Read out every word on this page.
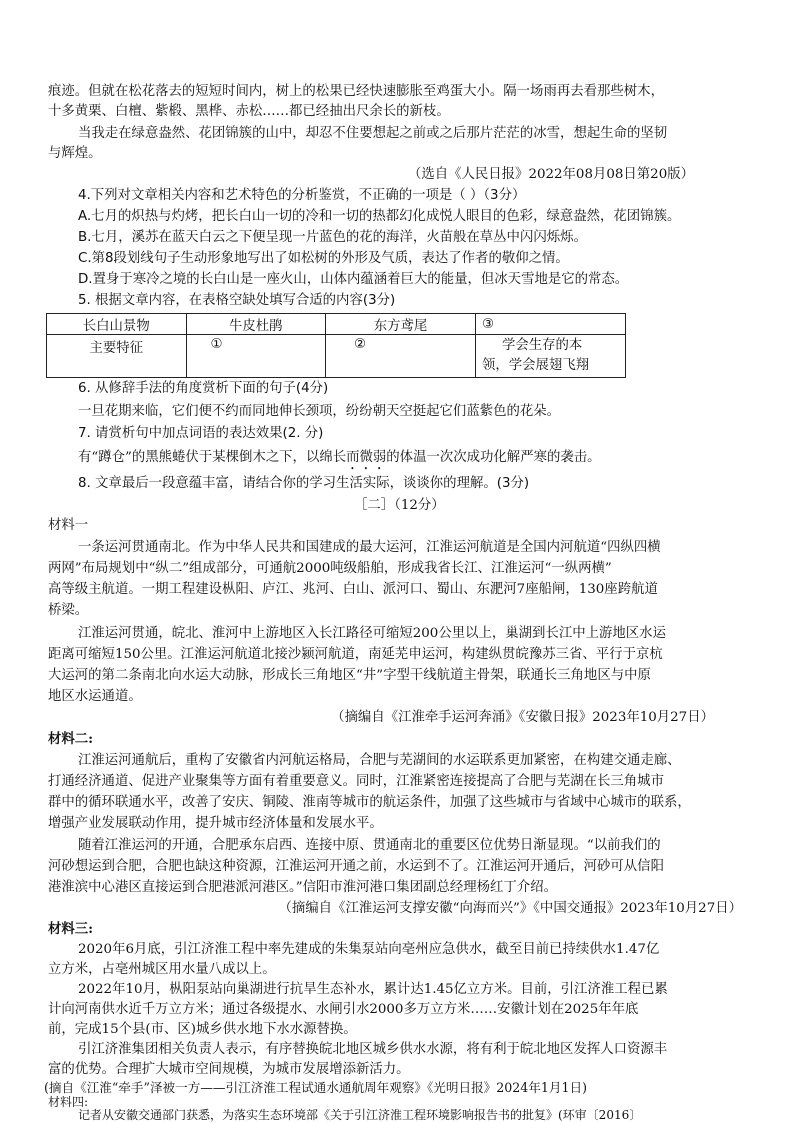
痕迹。但就在松花落去的短短时间内，树上的松果已经快速膨胀至鸡蛋大小。隔一场雨再去看那些树木，
十多黄栗、白檀、紫椴、黑桦、赤松……都已经抽出尺余长的新枝。
当我走在绿意盎然、花团锦簇的山中，却忍不住要想起之前或之后那片茫茫的冰雪，想起生命的坚韧
与辉煌。
（选自《人民日报》2022年08月08日第20版）
4.下列对文章相关内容和艺术特色的分析鉴赏，不正确的一项是（ ）（3分）
A.七月的炽热与灼烤，把长白山一切的冷和一切的热都幻化成悦人眼目的色彩，绿意盎然，花团锦簇。
B.七月，溪苏在蓝天白云之下便呈现一片蓝色的花的海洋，火苗般在草丛中闪闪烁烁。
C.第8段划线句子生动形象地写出了如松树的外形及气质，表达了作者的敬仰之情。
D.置身于寒冷之境的长白山是一座火山，山体内蕴涵着巨大的能量，但冰天雪地是它的常态。
5. 根据文章内容，在表格空缺处填写合适的内容(3分)
长白山景物	牛皮杜鹃	东方鸢尾	③
主要特征	①	②	学会生存的本
领，学会展翅飞翔
6. 从修辞手法的角度赏析下面的句子(4分)
一旦花期来临，它们便不约而同地伸长颈项，纷纷朝天空挺起它们蓝紫色的花朵。
7. 请赏析句中加点词语的表达效果(2. 分)
有“蹲仓”的黑熊蜷伏于某棵倒木之下，以绵长而微弱的体温一次次成功化解严寒的袭击。
8. 文章最后一段意蕴丰富，请结合你的学习生活实际，谈谈你的理解。(3分)
［二］（12分）
材料一
一条运河贯通南北。作为中华人民共和国建成的最大运河，江淮运河航道是全国内河航道“四纵四横
两网”布局规划中“纵二”组成部分，可通航2000吨级船舶，形成我省长江、江淮运河“一纵两横”
高等级主航道。一期工程建设枞阳、庐江、兆河、白山、派河口、蜀山、东淝河7座船闸，130座跨航道
桥梁。
江淮运河贯通，皖北、淮河中上游地区入长江路径可缩短200公里以上，巢湖到长江中上游地区水运
距离可缩短150公里。江淮运河航道北接沙颍河航道，南延芜申运河，构建纵贯皖豫苏三省、平行于京杭
大运河的第二条南北向水运大动脉，形成长三角地区“井”字型干线航道主骨架，联通长三角地区与中原
地区水运通道。
（摘编自《江淮牵手运河奔涌》《安徽日报》2023年10月27日）
材料二:
江淮运河通航后，重构了安徽省内河航运格局，合肥与芜湖间的水运联系更加紧密，在构建交通走廊、
打通经济通道、促进产业聚集等方面有着重要意义。同时，江淮紧密连接提高了合肥与芜湖在长三角城市
群中的循环联通水平，改善了安庆、铜陵、淮南等城市的航运条件，加强了这些城市与省域中心城市的联系，
增强产业发展联动作用，提升城市经济体量和发展水平。
随着江淮运河的开通，合肥承东启西、连接中原、贯通南北的重要区位优势日渐显现。“以前我们的
河砂想运到合肥，合肥也缺这种资源，江淮运河开通之前，水运到不了。江淮运河开通后，河砂可从信阳
港淮滨中心港区直接运到合肥港派河港区。”信阳市淮河港口集团副总经理杨红丁介绍。
（摘编自《江淮运河支撑安徽“向海而兴”》《中国交通报》2023年10月27日）
材料三:
2020年6月底，引江济淮工程中率先建成的朱集泵站向亳州应急供水，截至目前已持续供水1.47亿
立方米，占亳州城区用水量八成以上。
2022年10月，枞阳泵站向巢湖进行抗旱生态补水，累计达1.45亿立方米。目前，引江济淮工程已累
计向河南供水近千万立方米；通过各级提水、水闸引水2000多万立方米……安徽计划在2025年年底
前，完成15个县(市、区)城乡供水地下水水源替换。
引江济淮集团相关负责人表示，有序替换皖北地区城乡供水水源，将有利于皖北地区发挥人口资源丰
富的优势。合理扩大城市空间规模，为城市发展增添新活力。
(摘自《江淮“牵手”泽被一方——引江济淮工程试通水通航周年观察》《光明日报》2024年1月1日)
材料四:
记者从安徽交通部门获悉，为落实生态环境部《关于引江济淮工程环境影响报告书的批复》(环审〔2016〕
